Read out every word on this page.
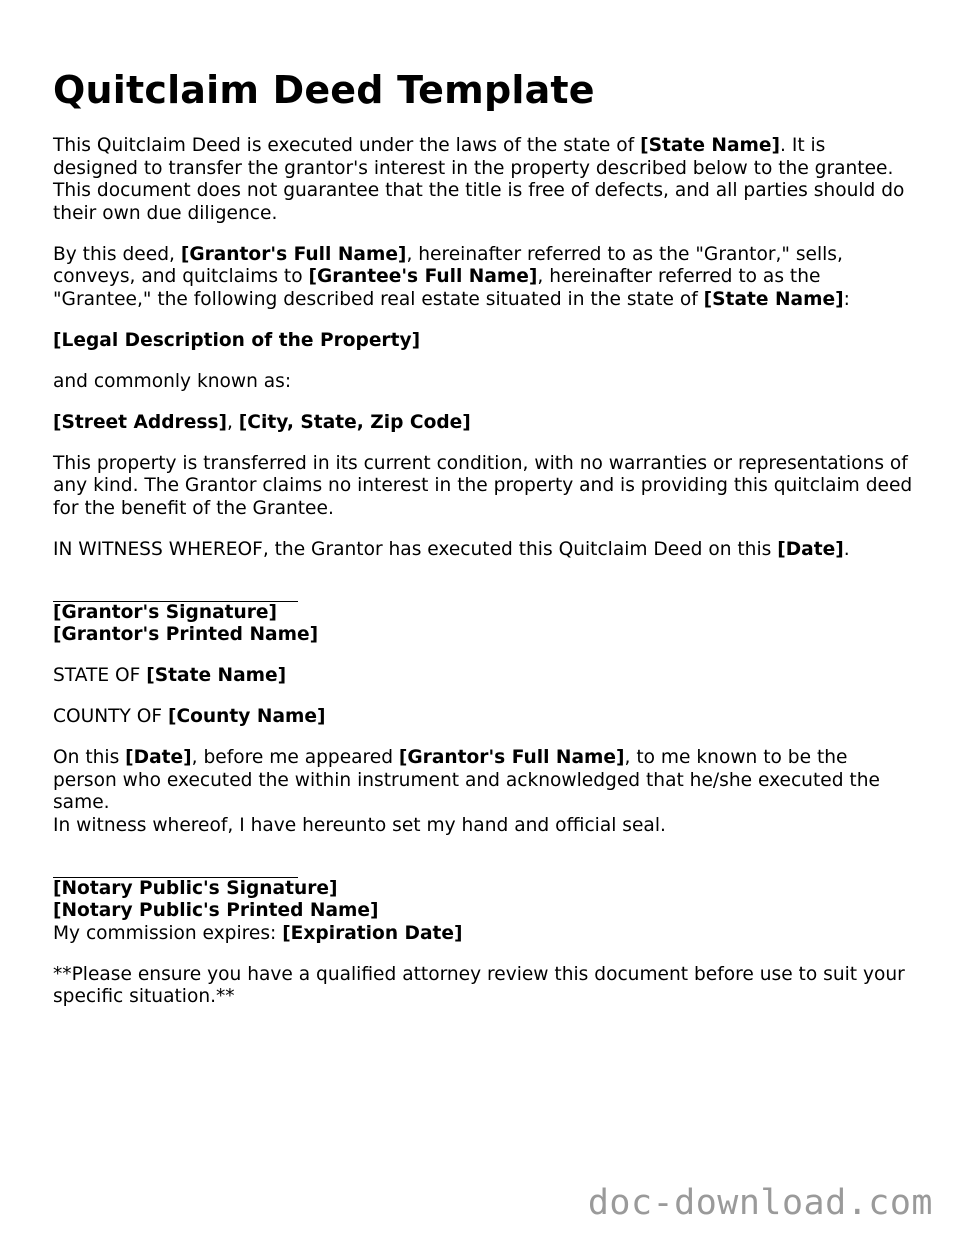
Quitclaim Deed Template

This Quitclaim Deed is executed under the laws of the state of [State Name]. It is designed to transfer the grantor's interest in the property described below to the grantee. This document does not guarantee that the title is free of defects, and all parties should do their own due diligence.

By this deed, [Grantor's Full Name], hereinafter referred to as the "Grantor," sells, conveys, and quitclaims to [Grantee's Full Name], hereinafter referred to as the "Grantee," the following described real estate situated in the state of [State Name]:

[Legal Description of the Property]

and commonly known as:

[Street Address], [City, State, Zip Code]

This property is transferred in its current condition, with no warranties or representations of any kind. The Grantor claims no interest in the property and is providing this quitclaim deed for the benefit of the Grantee.

IN WITNESS WHEREOF, the Grantor has executed this Quitclaim Deed on this [Date].

[Grantor's Signature]
[Grantor's Printed Name]

STATE OF [State Name]

COUNTY OF [County Name]

On this [Date], before me appeared [Grantor's Full Name], to me known to be the person who executed the within instrument and acknowledged that he/she executed the same.
In witness whereof, I have hereunto set my hand and official seal.

[Notary Public's Signature]
[Notary Public's Printed Name]
My commission expires: [Expiration Date]

**Please ensure you have a qualified attorney review this document before use to suit your specific situation.**

doc-download.com
